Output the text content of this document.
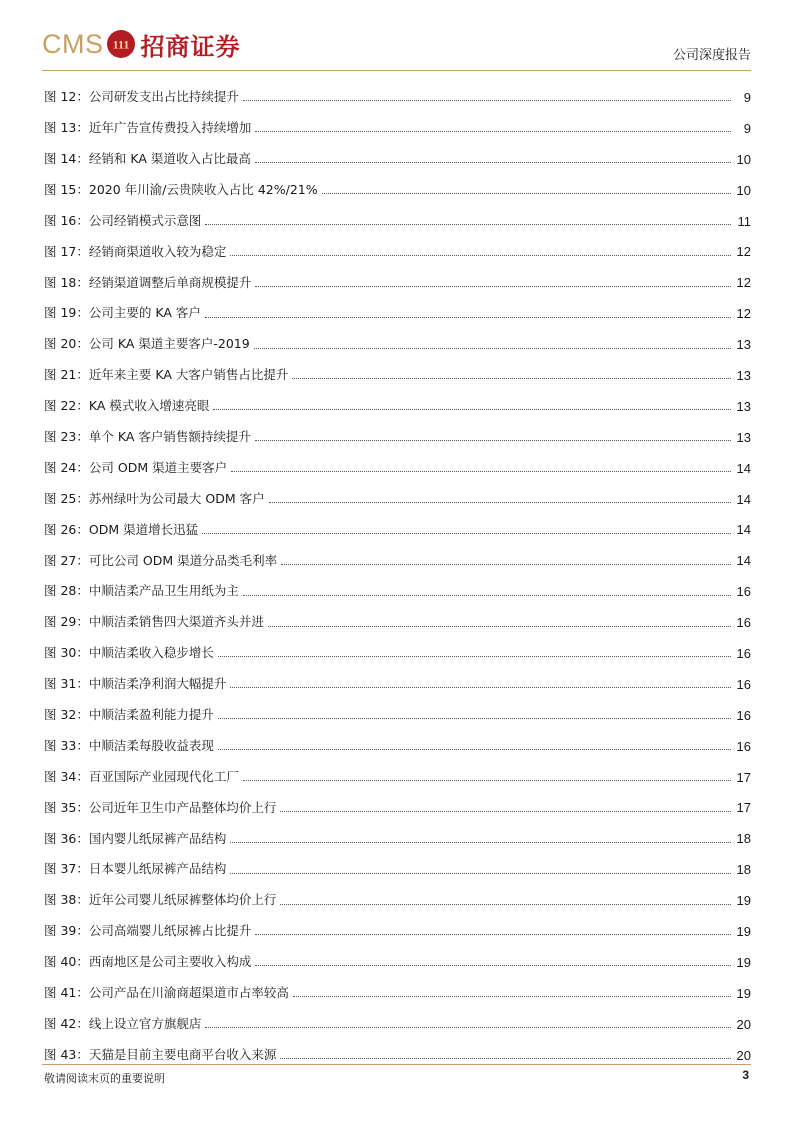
CMS 111 招商证券	公司深度报告
图 12：公司研发支出占比持续提升	9
图 13：近年广告宣传费投入持续增加	9
图 14：经销和 KA 渠道收入占比最高	10
图 15：2020 年川渝/云贵陕收入占比 42%/21%	10
图 16：公司经销模式示意图	11
图 17：经销商渠道收入较为稳定	12
图 18：经销渠道调整后单商规模提升	12
图 19：公司主要的 KA 客户	12
图 20：公司 KA 渠道主要客户-2019	13
图 21：近年来主要 KA 大客户销售占比提升	13
图 22：KA 模式收入增速亮眼	13
图 23：单个 KA 客户销售额持续提升	13
图 24：公司 ODM 渠道主要客户	14
图 25：苏州绿叶为公司最大 ODM 客户	14
图 26：ODM 渠道增长迅猛	14
图 27：可比公司 ODM 渠道分品类毛利率	14
图 28：中顺洁柔产品卫生用纸为主	16
图 29：中顺洁柔销售四大渠道齐头并进	16
图 30：中顺洁柔收入稳步增长	16
图 31：中顺洁柔净利润大幅提升	16
图 32：中顺洁柔盈利能力提升	16
图 33：中顺洁柔每股收益表现	16
图 34：百亚国际产业园现代化工厂	17
图 35：公司近年卫生巾产品整体均价上行	17
图 36：国内婴儿纸尿裤产品结构	18
图 37：日本婴儿纸尿裤产品结构	18
图 38：近年公司婴儿纸尿裤整体均价上行	19
图 39：公司高端婴儿纸尿裤占比提升	19
图 40：西南地区是公司主要收入构成	19
图 41：公司产品在川渝商超渠道市占率较高	19
图 42：线上设立官方旗舰店	20
图 43：天猫是目前主要电商平台收入来源	20
敬请阅读末页的重要说明	3
